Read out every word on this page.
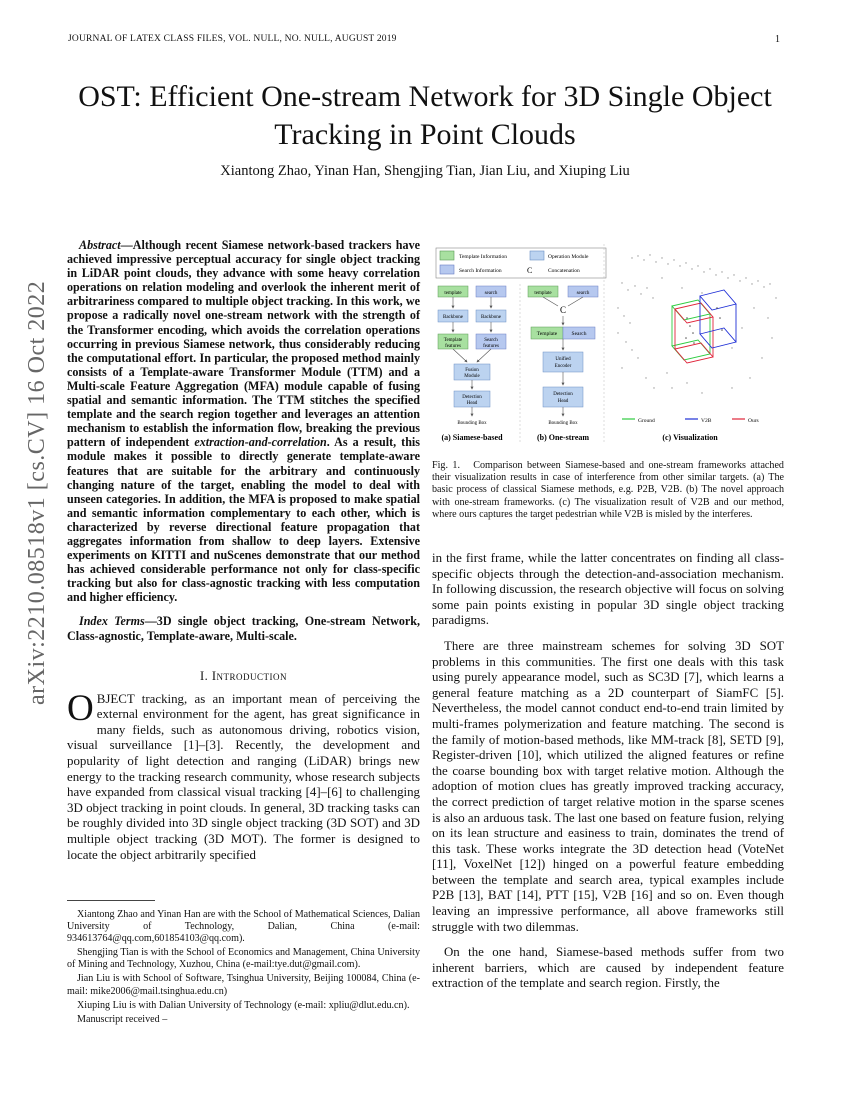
JOURNAL OF LATEX CLASS FILES, VOL. NULL, NO. NULL, AUGUST 2019	1
arXiv:2210.08518v1 [cs.CV] 16 Oct 2022
OST: Efficient One-stream Network for 3D Single Object Tracking in Point Clouds
Xiantong Zhao, Yinan Han, Shengjing Tian, Jian Liu, and Xiuping Liu

Abstract—Although recent Siamese network-based trackers have achieved impressive perceptual accuracy for single object tracking in LiDAR point clouds, they advance with some heavy correlation operations on relation modeling and overlook the inherent merit of arbitrariness compared to multiple object tracking. In this work, we propose a radically novel one-stream network with the strength of the Transformer encoding, which avoids the correlation operations occurring in previous Siamese network, thus considerably reducing the computational effort. In particular, the proposed method mainly consists of a Template-aware Transformer Module (TTM) and a Multi-scale Feature Aggregation (MFA) module capable of fusing spatial and semantic information. The TTM stitches the specified template and the search region together and leverages an attention mechanism to establish the information flow, breaking the previous pattern of independent extraction-and-correlation. As a result, this module makes it possible to directly generate template-aware features that are suitable for the arbitrary and continuously changing nature of the target, enabling the model to deal with unseen categories. In addition, the MFA is proposed to make spatial and semantic information complementary to each other, which is characterized by reverse directional feature propagation that aggregates information from shallow to deep layers. Extensive experiments on KITTI and nuScenes demonstrate that our method has achieved considerable performance not only for class-specific tracking but also for class-agnostic tracking with less computation and higher efficiency.

Index Terms—3D single object tracking, One-stream Network, Class-agnostic, Template-aware, Multi-scale.

I. Introduction

OBJECT tracking, as an important mean of perceiving the external environment for the agent, has great significance in many fields, such as autonomous driving, robotics vision, visual surveillance [1]–[3]. Recently, the development and popularity of light detection and ranging (LiDAR) brings new energy to the tracking research community, whose research subjects have expanded from classical visual tracking [4]–[6] to challenging 3D object tracking in point clouds. In general, 3D tracking tasks can be roughly divided into 3D single object tracking (3D SOT) and 3D multiple object tracking (3D MOT). The former is designed to locate the object arbitrarily specified

Xiantong Zhao and Yinan Han are with the School of Mathematical Sciences, Dalian University of Technology, Dalian, China (e-mail: 934613764@qq.com,601854103@qq.com).

Shengjing Tian is with the School of Economics and Management, China University of Mining and Technology, Xuzhou, China (e-mail:tye.dut@gmail.com).

Jian Liu is with School of Software, Tsinghua University, Beijing 100084, China (e-mail: mike2006@mail.tsinghua.edu.cn)

Xiuping Liu is with Dalian University of Technology (e-mail: xpliu@dlut.edu.cn).

Manuscript received –

Template Information	Operation Module
Search Information	C	Concatenation
template	search
Backbone	Backbone
Template
features
Search
features
Fusion
Module
Detection
Head
Bounding Box
(a) Siamese-based
template	search
C
Template	Search
Unified
Encoder
Detection
Head
Bounding Box
(b) One-stream
Ground	V2B	Ours
(c) Visualization
Fig. 1. Comparison between Siamese-based and one-stream frameworks attached their visualization results in case of interference from other similar targets. (a) The basic process of classical Siamese methods, e.g. P2B, V2B. (b) The novel approach with one-stream frameworks. (c) The visualization result of V2B and our method, where ours captures the target pedestrian while V2B is misled by the interferes.

in the first frame, while the latter concentrates on finding all class-specific objects through the detection-and-association mechanism. In following discussion, the research objective will focus on solving some pain points existing in popular 3D single object tracking paradigms.

There are three mainstream schemes for solving 3D SOT problems in this communities. The first one deals with this task using purely appearance model, such as SC3D [7], which learns a general feature matching as a 2D counterpart of SiamFC [5]. Nevertheless, the model cannot conduct end-to-end train limited by multi-frames polymerization and feature matching. The second is the family of motion-based methods, like MM-track [8], SETD [9], Register-driven [10], which utilized the aligned features or refine the coarse bounding box with target relative motion. Although the adoption of motion clues has greatly improved tracking accuracy, the correct prediction of target relative motion in the sparse scenes is also an arduous task. The last one based on feature fusion, relying on its lean structure and easiness to train, dominates the trend of this task. These works integrate the 3D detection head (VoteNet [11], VoxelNet [12]) hinged on a powerful feature embedding between the template and search area, typical examples include P2B [13], BAT [14], PTT [15], V2B [16] and so on. Even though leaving an impressive performance, all above frameworks still struggle with two dilemmas.

On the one hand, Siamese-based methods suffer from two inherent barriers, which are caused by independent feature extraction of the template and search region. Firstly, the
